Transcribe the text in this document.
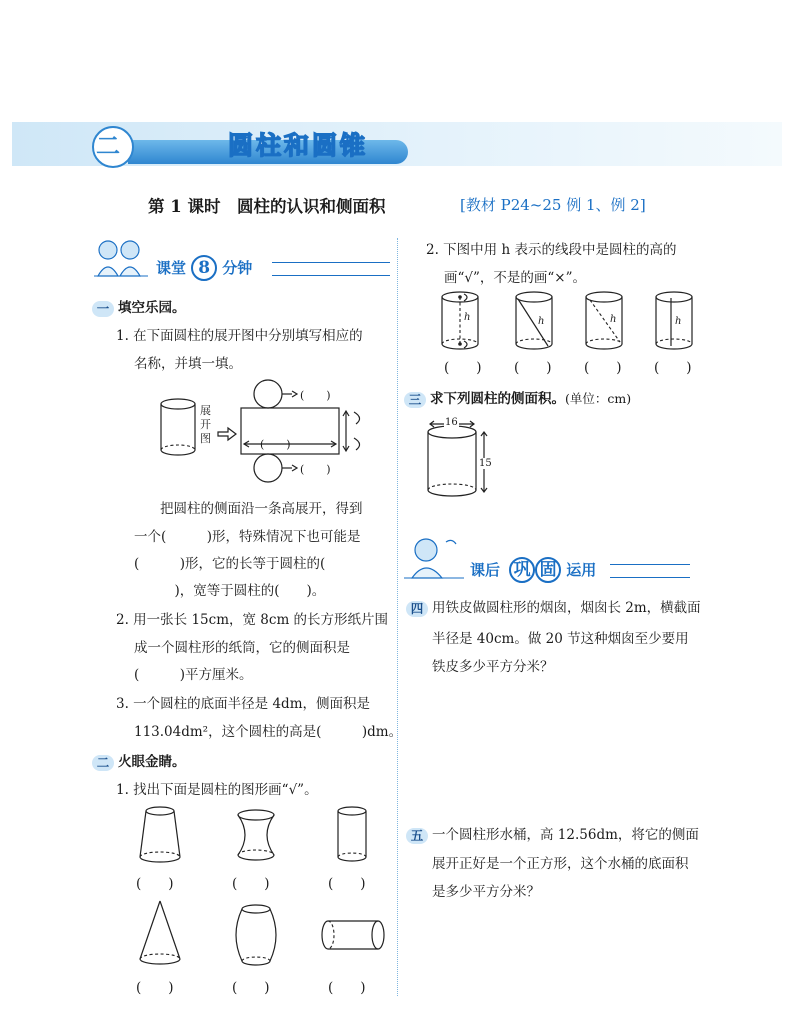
二	圆柱和圆锥
第 1 课时　圆柱的认识和侧面积	[教材 P24~25 例 1、例 2]
课堂 8 分钟
一 填空乐园。
1. 在下面圆柱的展开图中分别填写相应的
名称，并填一填。
展
开
图
(　　)
(　　)
(　　)
把圆柱的侧面沿一条高展开，得到
一个(　　　)形，特殊情况下也可能是
(　　　)形，它的长等于圆柱的(
　　　)，宽等于圆柱的(　　)。
2. 用一张长 15cm，宽 8cm 的长方形纸片围
成一个圆柱形的纸筒，它的侧面积是
(　　　)平方厘米。
3. 一个圆柱的底面半径是 4dm，侧面积是
113.04dm²，这个圆柱的高是(　　　)dm。
二 火眼金睛。
1. 找出下面是圆柱的图形画“√”。
(　　)	(　　)	(　　)
(　　)	(　　)	(　　)
2. 下图中用 h 表示的线段中是圆柱的高的
画“√”，不是的画“×”。
h	h	h	h
(　　) (　　) (　　) (　　)
三 求下列圆柱的侧面积。(单位：cm)
16
15
课后 巩 固 运用
四 用铁皮做圆柱形的烟囱，烟囱长 2m，横截面
半径是 40cm。做 20 节这种烟囱至少要用
铁皮多少平方分米？
五 一个圆柱形水桶，高 12.56dm，将它的侧面
展开正好是一个正方形，这个水桶的底面积
是多少平方分米？
